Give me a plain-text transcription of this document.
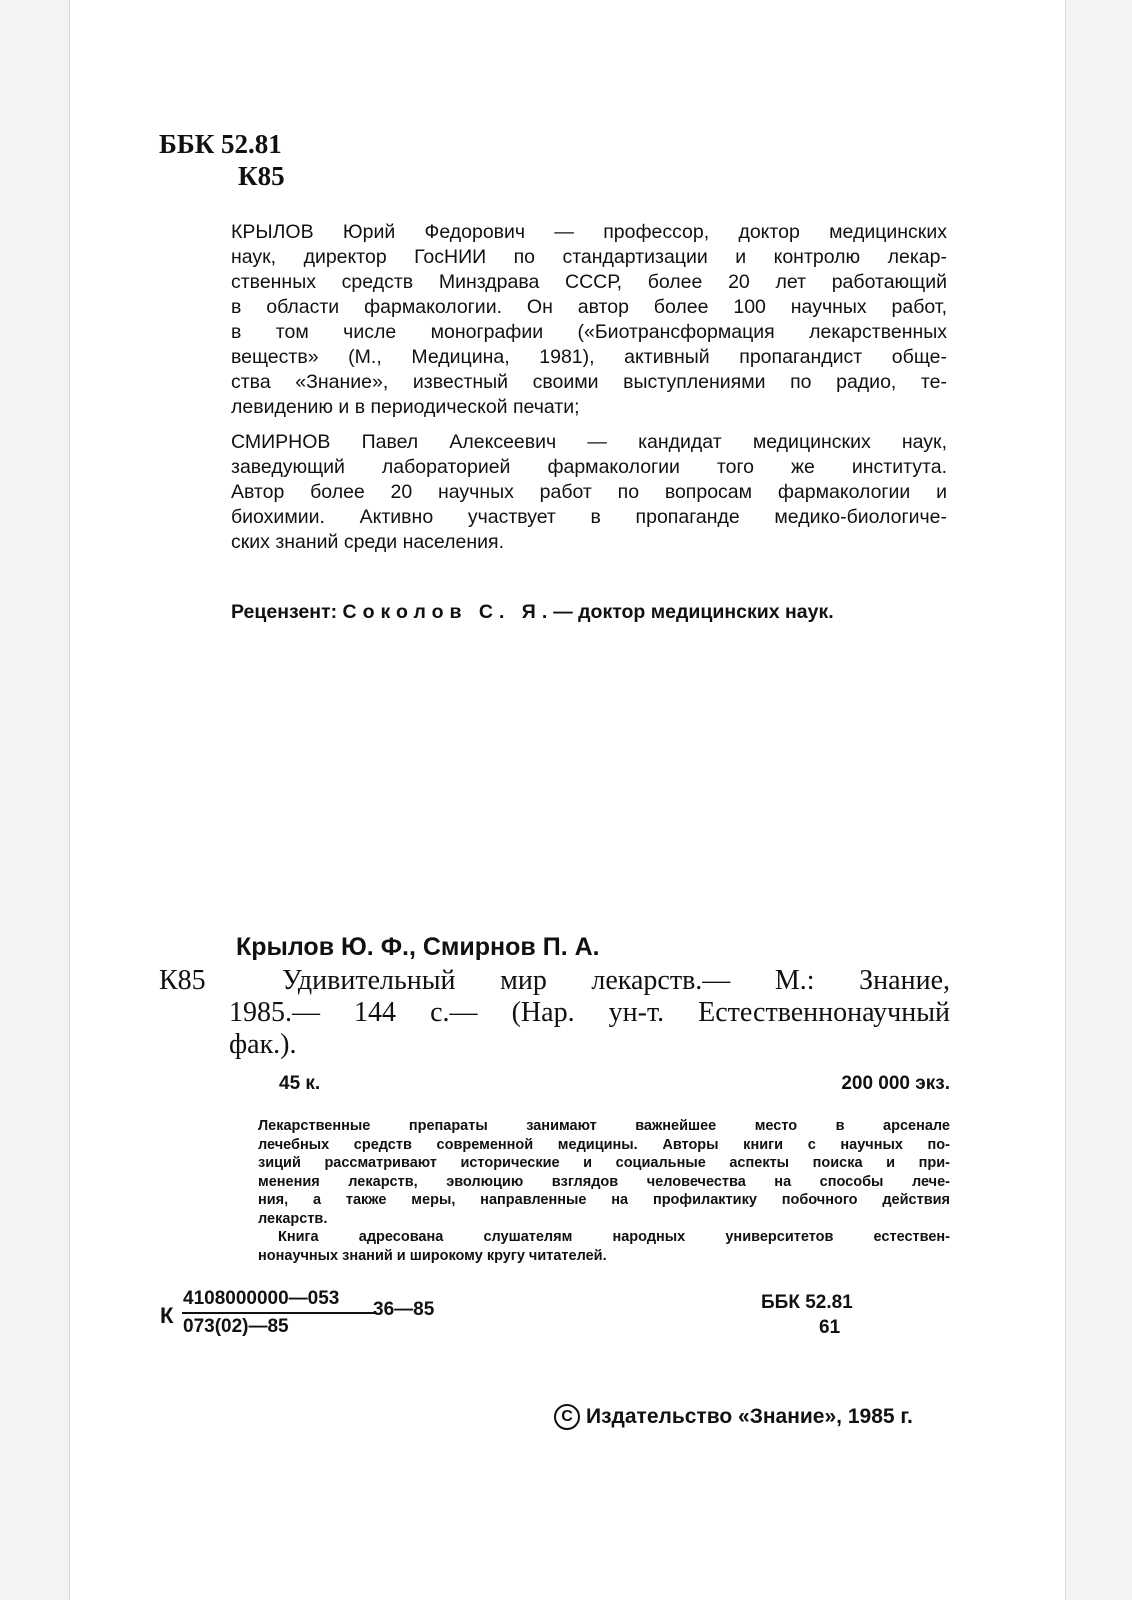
ББК 52.81
К85
КРЫЛОВ Юрий Федорович — профессор, доктор медицинских
наук, директор ГосНИИ по стандартизации и контролю лекар-
ственных средств Минздрава СССР, более 20 лет работающий
в области фармакологии. Он автор более 100 научных работ,
в том числе монографии («Биотрансформация лекарственных
веществ» (М., Медицина, 1981), активный пропагандист обще-
ства «Знание», известный своими выступлениями по радио, те-
левидению и в периодической печати;
СМИРНОВ Павел Алексеевич — кандидат медицинских наук,
заведующий лабораторией фармакологии того же института.
Автор более 20 научных работ по вопросам фармакологии и
биохимии. Активно участвует в пропаганде медико-биологиче-
ских знаний среди населения.
Рецензент: Соколов С. Я.— доктор медицинских наук.
Крылов Ю. Ф., Смирнов П. А.
К85	Удивительный мир лекарств.— М.: Знание,
1985.— 144 с.— (Нар. ун-т. Естественнонаучный
фак.).
45 к.	200 000 экз.
Лекарственные препараты занимают важнейшее место в арсенале
лечебных средств современной медицины. Авторы книги с научных по-
зиций рассматривают исторические и социальные аспекты поиска и при-
менения лекарств, эволюцию взглядов человечества на способы лече-
ния, а также меры, направленные на профилактику побочного действия
лекарств.
Книга адресована слушателям народных университетов естествен-
нонаучных знаний и широкому кругу читателей.
К
4108000000—053
073(02)—85
36—85	ББК 52.81
61
C Издательство «Знание», 1985 г.
